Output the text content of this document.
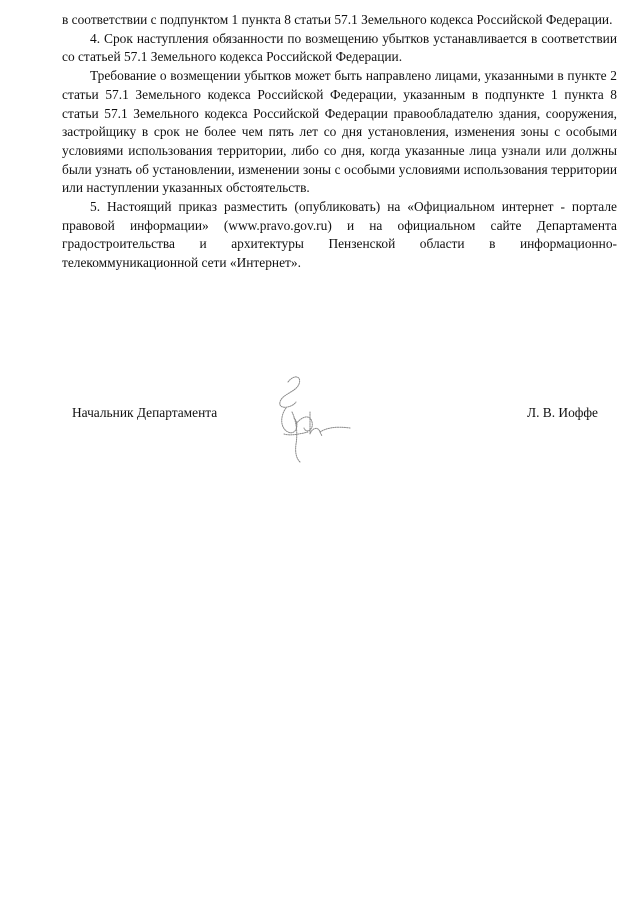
в соответствии с подпунктом 1 пункта 8 статьи 57.1 Земельного кодекса Российской Федерации.

4. Срок наступления обязанности по возмещению убытков устанавливается в соответствии со статьей 57.1 Земельного кодекса Российской Федерации.

Требование о возмещении убытков может быть направлено лицами, указанными в пункте 2 статьи 57.1 Земельного кодекса Российской Федерации, указанным в подпункте 1 пункта 8 статьи 57.1 Земельного кодекса Российской Федерации правообладателю здания, сооружения, застройщику в срок не более чем пять лет со дня установления, изменения зоны с особыми условиями использования территории, либо со дня, когда указанные лица узнали или должны были узнать об установлении, изменении зоны с особыми условиями использования территории или наступлении указанных обстоятельств.

5. Настоящий приказ разместить (опубликовать) на «Официальном интернет - портале правовой информации» (www.pravo.gov.ru) и на официальном сайте Департамента градостроительства и архитектуры Пензенской области в информационно-телекоммуникационной сети «Интернет».

Начальник Департамента	Л. В. Иоффе
